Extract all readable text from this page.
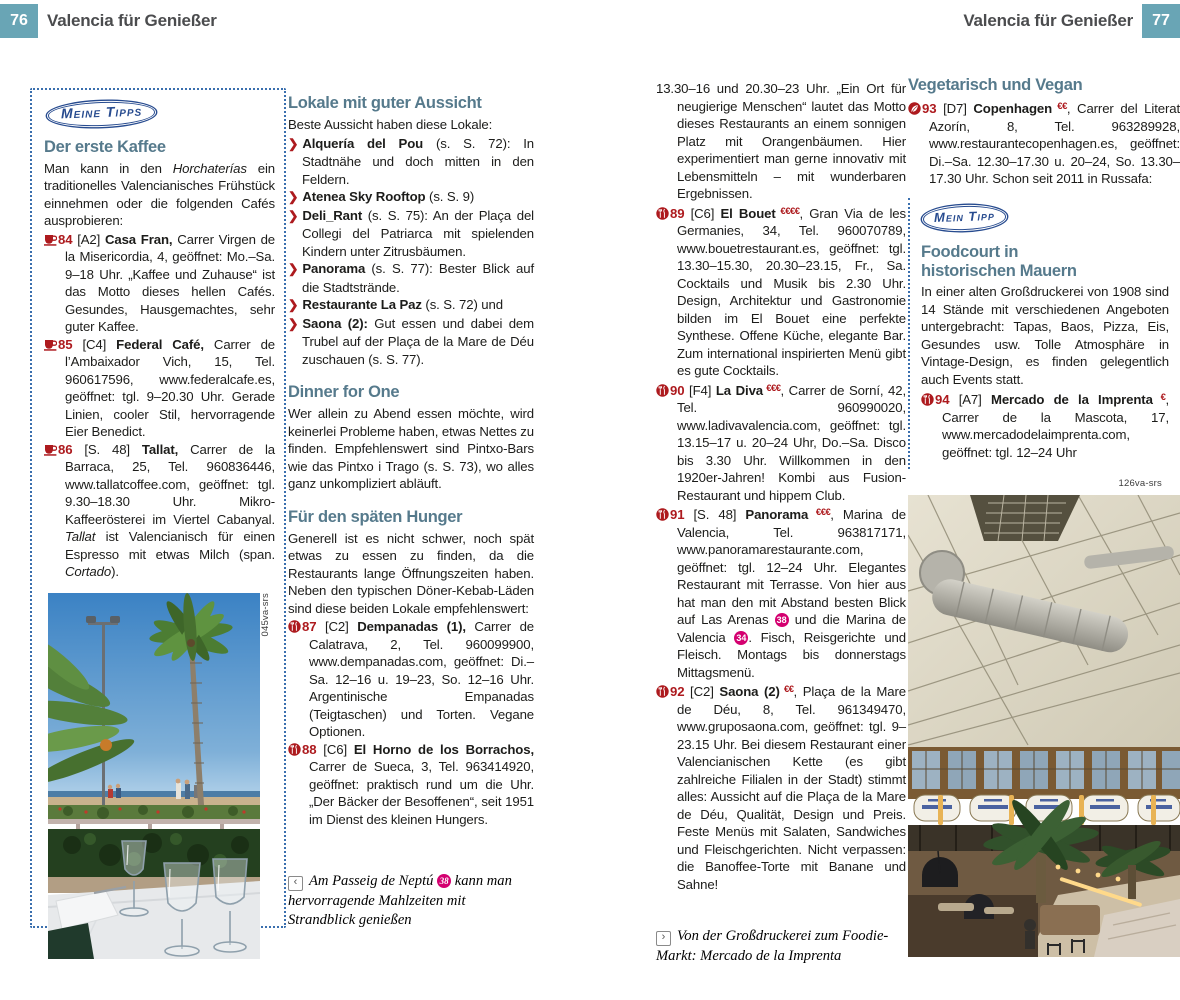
76	Valencia für Genießer	Valencia für Genießer	77
Meine Tipps
Der erste Kaffee

Man kann in den Horchaterías ein traditionelles Valencianisches Frühstück einnehmen oder die folgenden Cafés ausprobieren:

84 [A2] Casa Fran, Carrer Virgen de la Misericordia, 4, geöffnet: Mo.–Sa. 9–18 Uhr. „Kaffee und Zuhause“ ist das Motto dieses hellen Cafés. Gesundes, Hausgemachtes, sehr guter Kaffee.
85 [C4] Federal Café, Carrer de l’Ambaixador Vich, 15, Tel. 960617596, www.federalcafe.es, geöffnet: tgl. 9–20.30 Uhr. Gerade Linien, cooler Stil, hervorragende Eier Benedict.
86 [S. 48] Tallat, Carrer de la Barraca, 25, Tel. 960836446, www.tallatcoffee.com, geöffnet: tgl. 9.30–18.30 Uhr. Mikro-Kaffeerösterei im Viertel Cabanyal. Tallat ist Valencianisch für einen Espresso mit etwas Milch (span. Cortado).
045va-srs
Lokale mit guter Aussicht

Beste Aussicht haben diese Lokale:

❯ Alquería del Pou (s. S. 72): In Stadtnähe und doch mitten in den Feldern.
❯ Atenea Sky Rooftop (s. S. 9)
❯ Deli_Rant (s. S. 75): An der Plaça del Collegi del Patriarca mit spielenden Kindern unter Zitrusbäumen.
❯ Panorama (s. S. 77): Bester Blick auf die Stadtstrände.
❯ Restaurante La Paz (s. S. 72) und
❯ Saona (2): Gut essen und dabei dem Trubel auf der Plaça de la Mare de Déu zuschauen (s. S. 77).
Dinner for One

Wer allein zu Abend essen möchte, wird keinerlei Probleme haben, etwas Nettes zu finden. Empfehlenswert sind Pintxo-Bars wie das Pintxo i Trago (s. S. 73), wo alles ganz unkompliziert abläuft.

Für den späten Hunger

Generell ist es nicht schwer, noch spät etwas zu essen zu finden, da die Restaurants lange Öffnungszeiten haben. Neben den typischen Döner-Kebab-Läden sind diese beiden Lokale empfehlenswert:

87 [C2] Dempanadas (1), Carrer de Calatrava, 2, Tel. 960099900, www.dempanadas.com, geöffnet: Di.–Sa. 12–16 u. 19–23, So. 12–16 Uhr. Argentinische Empanadas (Teigtaschen) und Torten. Vegane Optionen.
88 [C6] El Horno de los Borrachos, Carrer de Sueca, 3, Tel. 963414920, geöffnet: praktisch rund um die Uhr. „Der Bäcker der Besoffenen“, seit 1951 im Dienst des kleinen Hungers.
‹ Am Passeig de Neptú 38 kann man hervorragende Mahlzeiten mit Strandblick genießen

13.30–16 und 20.30–23 Uhr. „Ein Ort für neugierige Menschen“ lautet das Motto dieses Restaurants an einem sonnigen Platz mit Orangenbäumen. Hier experimentiert man gerne innovativ mit Lebensmitteln – mit wunderbaren Ergebnissen.

89 [C6] El Bouet €€€€, Gran Via de les Germanies, 34, Tel. 960070789, www.bouetrestaurant.es, geöffnet: tgl. 13.30–15.30, 20.30–23.15, Fr., Sa. Cocktails und Musik bis 2.30 Uhr. Design, Architektur und Gastronomie bilden im El Bouet eine perfekte Synthese. Offene Küche, elegante Bar. Zum international inspirierten Menü gibt es gute Cocktails.
90 [F4] La Diva €€€, Carrer de Sorní, 42, Tel. 960990020, www.ladivavalencia.com, geöffnet: tgl. 13.15–17 u. 20–24 Uhr, Do.–Sa. Disco bis 3.30 Uhr. Willkommen in den 1920er-Jahren! Kombi aus Fusion-Restaurant und hippem Club.
91 [S. 48] Panorama €€€, Marina de Valencia, Tel. 963817171, www.panoramarestaurante.com, geöffnet: tgl. 12–24 Uhr. Elegantes Restaurant mit Terrasse. Von hier aus hat man den mit Abstand besten Blick auf Las Arenas 38 und die Marina de Valencia 34 . Fisch, Reisgerichte und Fleisch. Montags bis donnerstags Mittagsmenü.
92 [C2] Saona (2) €€, Plaça de la Mare de Déu, 8, Tel. 961349470, www.gruposaona.com, geöffnet: tgl. 9–23.15 Uhr. Bei diesem Restaurant einer Valencianischen Kette (es gibt zahlreiche Filialen in der Stadt) stimmt alles: Aussicht auf die Plaça de la Mare de Déu, Qualität, Design und Preis. Feste Menüs mit Salaten, Sandwiches und Fleischgerichten. Nicht verpassen: die Banoffee-Torte mit Banane und Sahne!
› Von der Großdruckerei zum Foodie-Markt: Mercado de la Imprenta
Vegetarisch und Vegan
93 [D7] Copenhagen €€, Carrer del Literat Azorín, 8, Tel. 963289928, www.restaurantecopenhagen.es, geöffnet: Di.–Sa. 12.30–17.30 u. 20–24, So. 13.30–17.30 Uhr. Schon seit 2011 in Russafa:
Mein Tipp
Foodcourt in
historischen Mauern

In einer alten Großdruckerei von 1908 sind 14 Stände mit verschiedenen Angeboten untergebracht: Tapas, Baos, Pizza, Eis, Gesundes usw. Tolle Atmosphäre in Vintage-Design, es finden gelegentlich auch Events statt.

94 [A7] Mercado de la Imprenta €, Carrer de la Mascota, 17, www.mercadodelaimprenta.com, geöffnet: tgl. 12–24 Uhr
126va-srs
